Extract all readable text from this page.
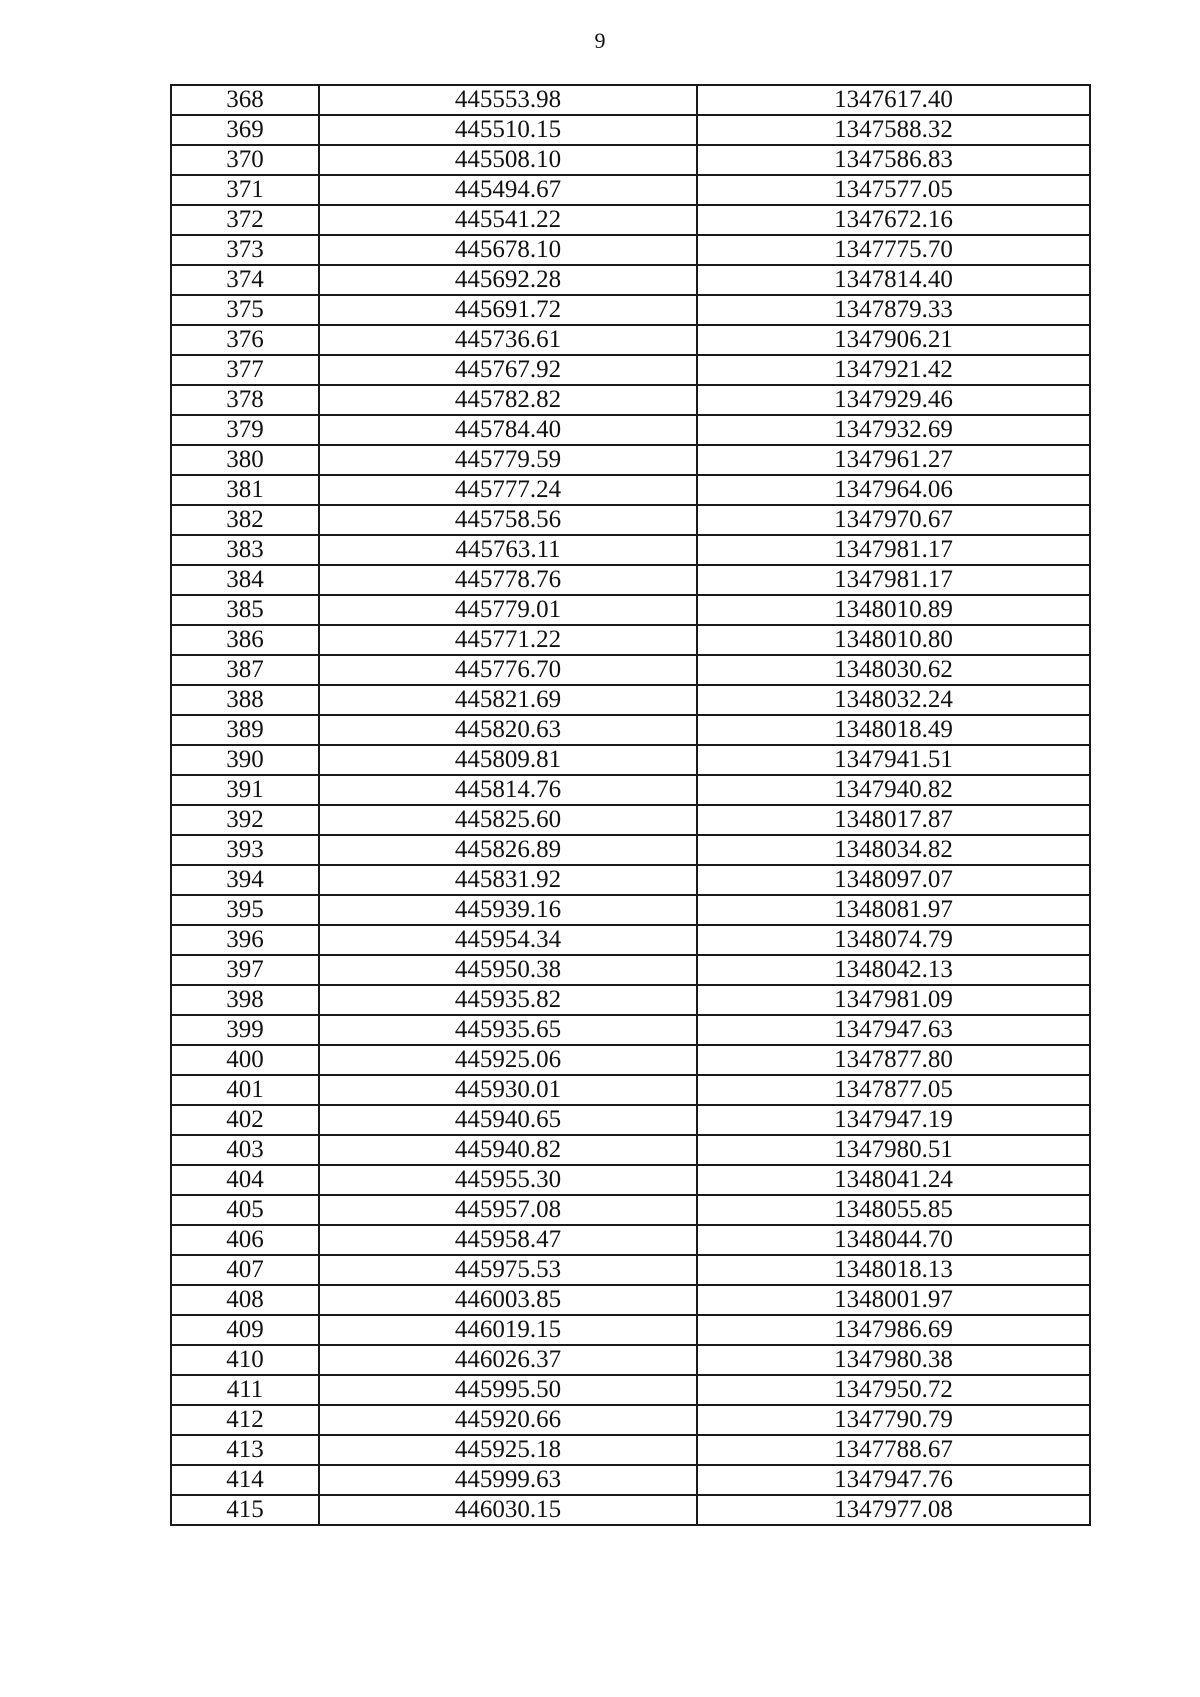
9
368	445553.98	1347617.40
369	445510.15	1347588.32
370	445508.10	1347586.83
371	445494.67	1347577.05
372	445541.22	1347672.16
373	445678.10	1347775.70
374	445692.28	1347814.40
375	445691.72	1347879.33
376	445736.61	1347906.21
377	445767.92	1347921.42
378	445782.82	1347929.46
379	445784.40	1347932.69
380	445779.59	1347961.27
381	445777.24	1347964.06
382	445758.56	1347970.67
383	445763.11	1347981.17
384	445778.76	1347981.17
385	445779.01	1348010.89
386	445771.22	1348010.80
387	445776.70	1348030.62
388	445821.69	1348032.24
389	445820.63	1348018.49
390	445809.81	1347941.51
391	445814.76	1347940.82
392	445825.60	1348017.87
393	445826.89	1348034.82
394	445831.92	1348097.07
395	445939.16	1348081.97
396	445954.34	1348074.79
397	445950.38	1348042.13
398	445935.82	1347981.09
399	445935.65	1347947.63
400	445925.06	1347877.80
401	445930.01	1347877.05
402	445940.65	1347947.19
403	445940.82	1347980.51
404	445955.30	1348041.24
405	445957.08	1348055.85
406	445958.47	1348044.70
407	445975.53	1348018.13
408	446003.85	1348001.97
409	446019.15	1347986.69
410	446026.37	1347980.38
411	445995.50	1347950.72
412	445920.66	1347790.79
413	445925.18	1347788.67
414	445999.63	1347947.76
415	446030.15	1347977.08
